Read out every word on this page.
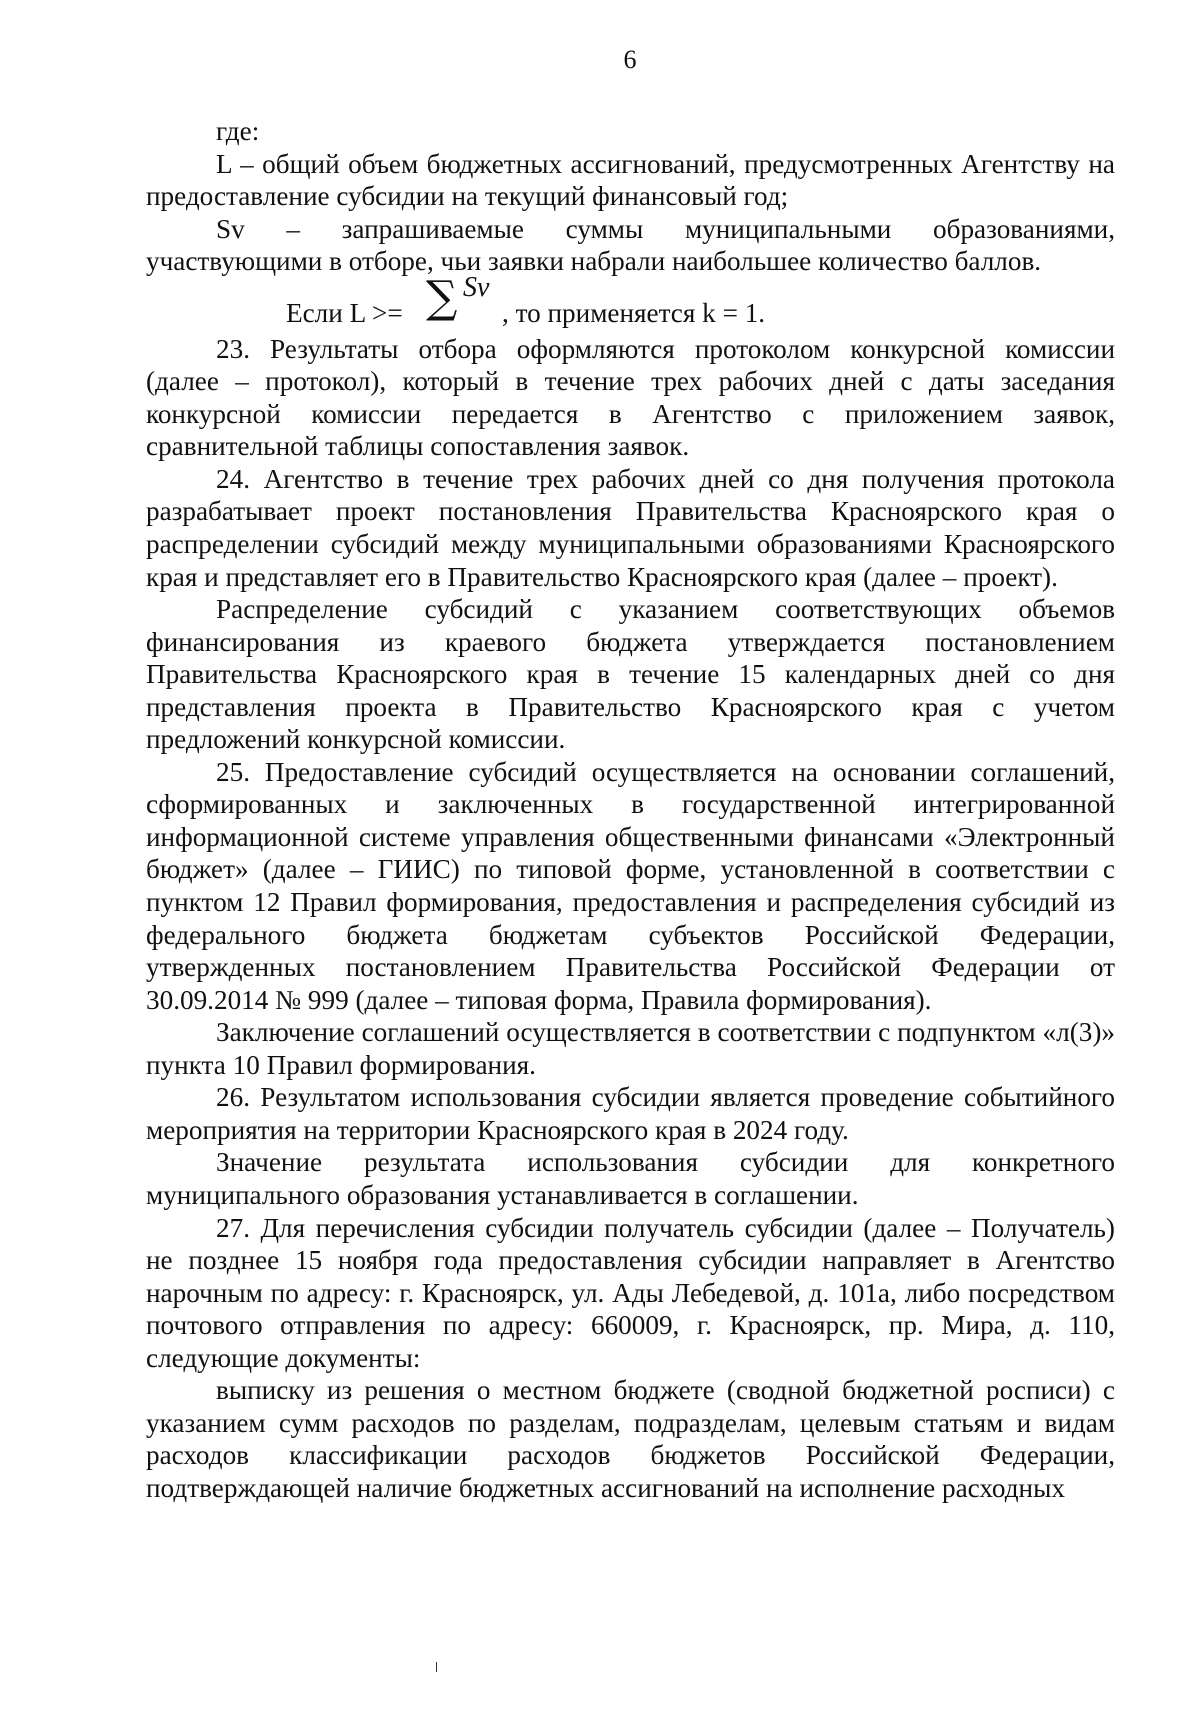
6

где:

L – общий объем бюджетных ассигнований, предусмотренных Агентству на предоставление субсидии на текущий финансовый год;

Sv – запрашиваемые суммы муниципальными образованиями, участвующими в отборе, чьи заявки набрали наибольшее количество баллов.

Если L >= ∑ Sv
, то применяется k = 1.

23. Результаты отбора оформляются протоколом конкурсной комиссии (далее – протокол), который в течение трех рабочих дней с даты заседания конкурсной комиссии передается в Агентство с приложением заявок, сравнительной таблицы сопоставления заявок.

24. Агентство в течение трех рабочих дней со дня получения протокола разрабатывает проект постановления Правительства Красноярского края о распределении субсидий между муниципальными образованиями Красноярского края и представляет его в Правительство Красноярского края (далее – проект).

Распределение субсидий с указанием соответствующих объемов финансирования из краевого бюджета утверждается постановлением Правительства Красноярского края в течение 15 календарных дней со дня представления проекта в Правительство Красноярского края с учетом предложений конкурсной комиссии.

25. Предоставление субсидий осуществляется на основании соглашений, сформированных и заключенных в государственной интегрированной информационной системе управления общественными финансами «Электронный бюджет» (далее – ГИИС) по типовой форме, установленной в соответствии с пунктом 12 Правил формирования, предоставления и распределения субсидий из федерального бюджета бюджетам субъектов Российской Федерации, утвержденных постановлением Правительства Российской Федерации от 30.09.2014 № 999 (далее – типовая форма, Правила формирования).

Заключение соглашений осуществляется в соответствии с подпунктом «л(3)» пункта 10 Правил формирования.

26. Результатом использования субсидии является проведение событийного мероприятия на территории Красноярского края в 2024 году.

Значение результата использования субсидии для конкретного муниципального образования устанавливается в соглашении.

27. Для перечисления субсидии получатель субсидии (далее – Получатель) не позднее 15 ноября года предоставления субсидии направляет в Агентство нарочным по адресу: г. Красноярск, ул. Ады Лебедевой, д. 101а, либо посредством почтового отправления по адресу: 660009, г. Красноярск, пр. Мира, д. 110, следующие документы:

выписку из решения о местном бюджете (сводной бюджетной росписи) с указанием сумм расходов по разделам, подразделам, целевым статьям и видам расходов классификации расходов бюджетов Российской Федерации, подтверждающей наличие бюджетных ассигнований на исполнение расходных
